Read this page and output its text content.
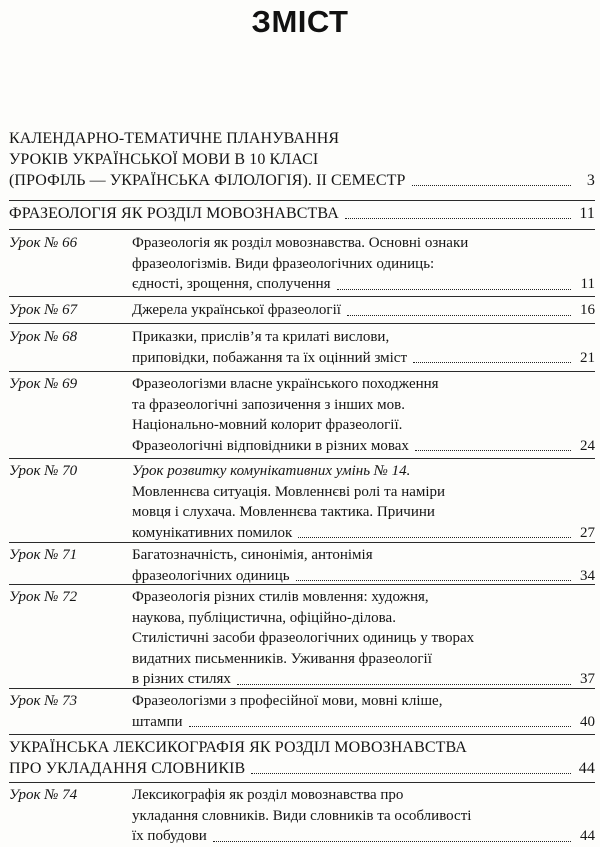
ЗМІСТ
КАЛЕНДАРНО-ТЕМАТИЧНЕ ПЛАНУВАННЯ
УРОКІВ УКРАЇНСЬКОЇ МОВИ В 10 КЛАСІ
(ПРОФІЛЬ — УКРАЇНСЬКА ФІЛОЛОГІЯ). ІІ СЕМЕСТР	3
ФРАЗЕОЛОГІЯ ЯК РОЗДІЛ МОВОЗНАВСТВА	11
Урок № 66	Фразеологія як розділ мовознавства. Основні ознаки
фразеологізмів. Види фразеологічних одиниць:
єдності, зрощення, сполучення	11
Урок № 67	Джерела української фразеології	16
Урок № 68	Приказки, прислів’я та крилаті вислови,
приповідки, побажання та їх оцінний зміст	21
Урок № 69	Фразеологізми власне українського походження
та фразеологічні запозичення з інших мов.
Національно-мовний колорит фразеології.
Фразеологічні відповідники в різних мовах	24
Урок № 70	Урок розвитку комунікативних умінь № 14.
Мовленнєва ситуація. Мовленнєві ролі та наміри
мовця і слухача. Мовленнєва тактика. Причини
комунікативних помилок	27
Урок № 71	Багатозначність, синонімія, антонімія
фразеологічних одиниць	34
Урок № 72	Фразеологія різних стилів мовлення: художня,
наукова, публіцистична, офіційно-ділова.
Стилістичні засоби фразеологічних одиниць у творах
видатних письменників. Уживання фразеології
в різних стилях	37
Урок № 73	Фразеологізми з професійної мови, мовні кліше,
штампи	40
УКРАЇНСЬКА ЛЕКСИКОГРАФІЯ ЯК РОЗДІЛ МОВОЗНАВСТВА
ПРО УКЛАДАННЯ СЛОВНИКІВ	44
Урок № 74	Лексикографія як розділ мовознавства про
укладання словників. Види словників та особливості
їх побудови	44
